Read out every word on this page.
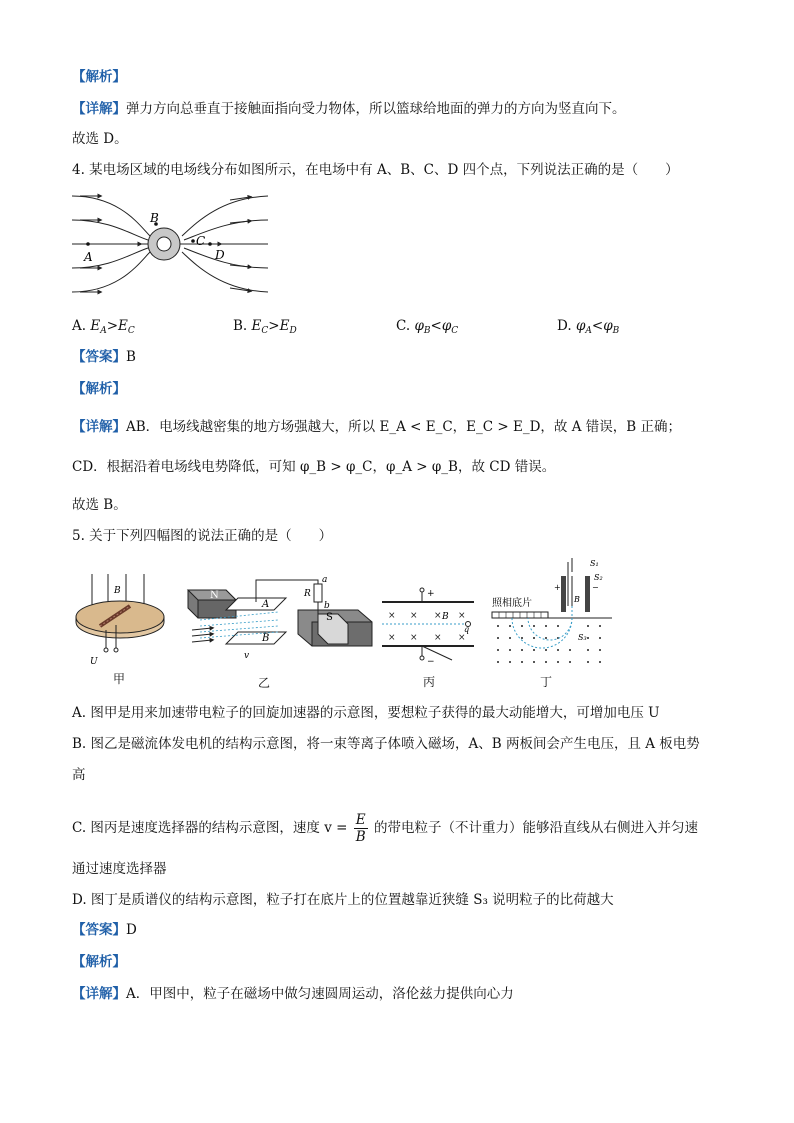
【解析】
【详解】弹力方向总垂直于接触面指向受力物体，所以篮球给地面的弹力的方向为竖直向下。
故选 D。
4. 某电场区域的电场线分布如图所示，在电场中有 A、B、C、D 四个点，下列说法正确的是（　　）
A
B
C
D
A. $E_A>E_C$	B. $E_C>E_D$	C. $\varphi_B<\varphi_C$	D. $\varphi_A<\varphi_B$
【答案】B
【解析】
【详解】AB．电场线越密集的地方场强越大，所以 E_A < E_C，E_C > E_D，故 A 错误，B 正确；
CD．根据沿着电场线电势降低，可知 φ_B > φ_C，φ_A > φ_B，故 CD 错误。
故选 B。
5. 关于下列四幅图的说法正确的是（　　）
B
U
甲
N
A
B
v
S
R
a
b
乙
+
−
× × × ×
× × × ×
B
q
丙
+	−
B
S₁
S₂
S₃
照相底片
丁
A. 图甲是用来加速带电粒子的回旋加速器的示意图，要想粒子获得的最大动能增大，可增加电压 U
B. 图乙是磁流体发电机的结构示意图，将一束等离子体喷入磁场，A、B 两板间会产生电压，且 A 板电势
高
C. 图丙是速度选择器的结构示意图，速度 $v = \frac{E}{B}$ 的带电粒子（不计重力）能够沿直线从右侧进入并匀速
通过速度选择器
D. 图丁是质谱仪的结构示意图，粒子打在底片上的位置越靠近狭缝 S₃ 说明粒子的比荷越大
【答案】D
【解析】
【详解】A．甲图中，粒子在磁场中做匀速圆周运动，洛伦兹力提供向心力
